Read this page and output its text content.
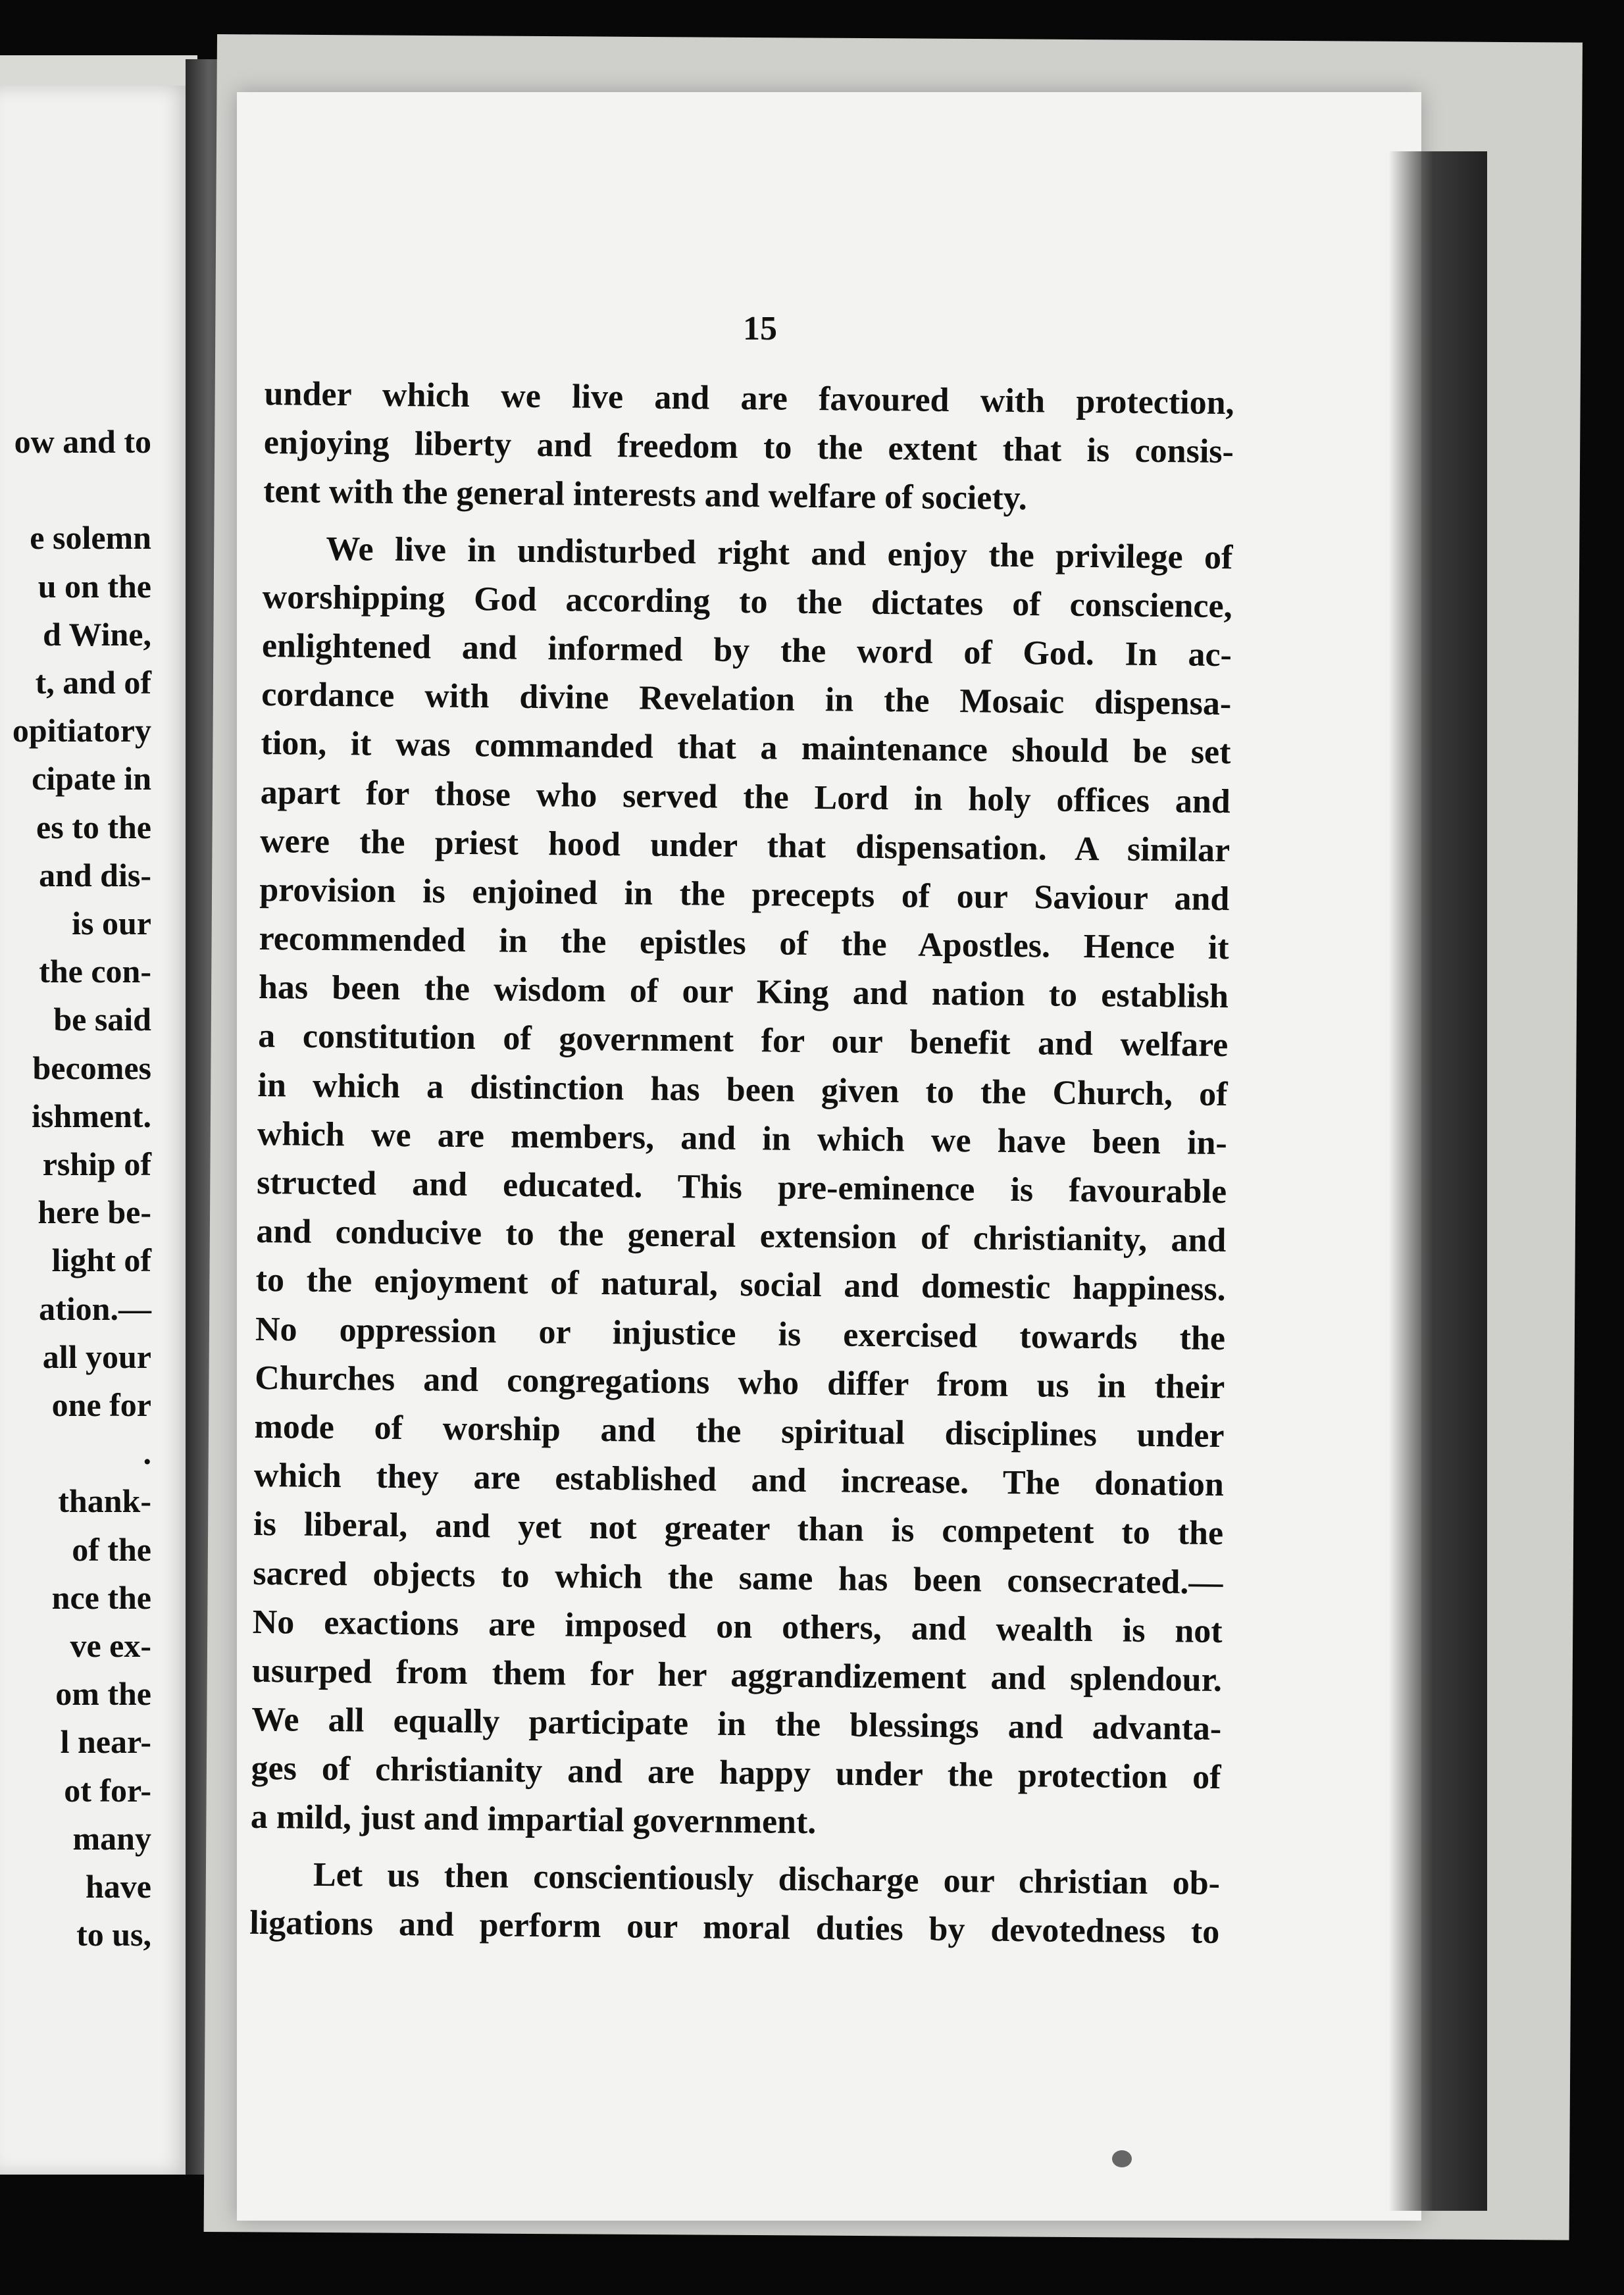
ow and to

e solemn
u on the
d Wine,
t, and of
opitiatory
cipate in
es to the
and dis-
is our
the con-
be said
becomes
ishment.
rship of
here be-
light of
ation.—
all your
one for
.
thank-
of the
nce the
ve ex-
om the
l near-
ot for-
many
have
to us,
15
under which we live and are favoured with protection,
enjoying liberty and freedom to the extent that is consis-
tent with the general interests and welfare of society.
We live in undisturbed right and enjoy the privilege of
worshipping God according to the dictates of conscience,
enlightened and informed by the word of God. In ac-
cordance with divine Revelation in the Mosaic dispensa-
tion, it was commanded that a maintenance should be set
apart for those who served the Lord in holy offices and
were the priest hood under that dispensation. A similar
provision is enjoined in the precepts of our Saviour and
recommended in the epistles of the Apostles. Hence it
has been the wisdom of our King and nation to establish
a constitution of government for our benefit and welfare
in which a distinction has been given to the Church, of
which we are members, and in which we have been in-
structed and educated. This pre-eminence is favourable
and conducive to the general extension of christianity, and
to the enjoyment of natural, social and domestic happiness.
No oppression or injustice is exercised towards the
Churches and congregations who differ from us in their
mode of worship and the spiritual disciplines under
which they are established and increase. The donation
is liberal, and yet not greater than is competent to the
sacred objects to which the same has been consecrated.—
No exactions are imposed on others, and wealth is not
usurped from them for her aggrandizement and splendour.
We all equally participate in the blessings and advanta-
ges of christianity and are happy under the protection of
a mild, just and impartial government.
Let us then conscientiously discharge our christian ob-
ligations and perform our moral duties by devotedness to
